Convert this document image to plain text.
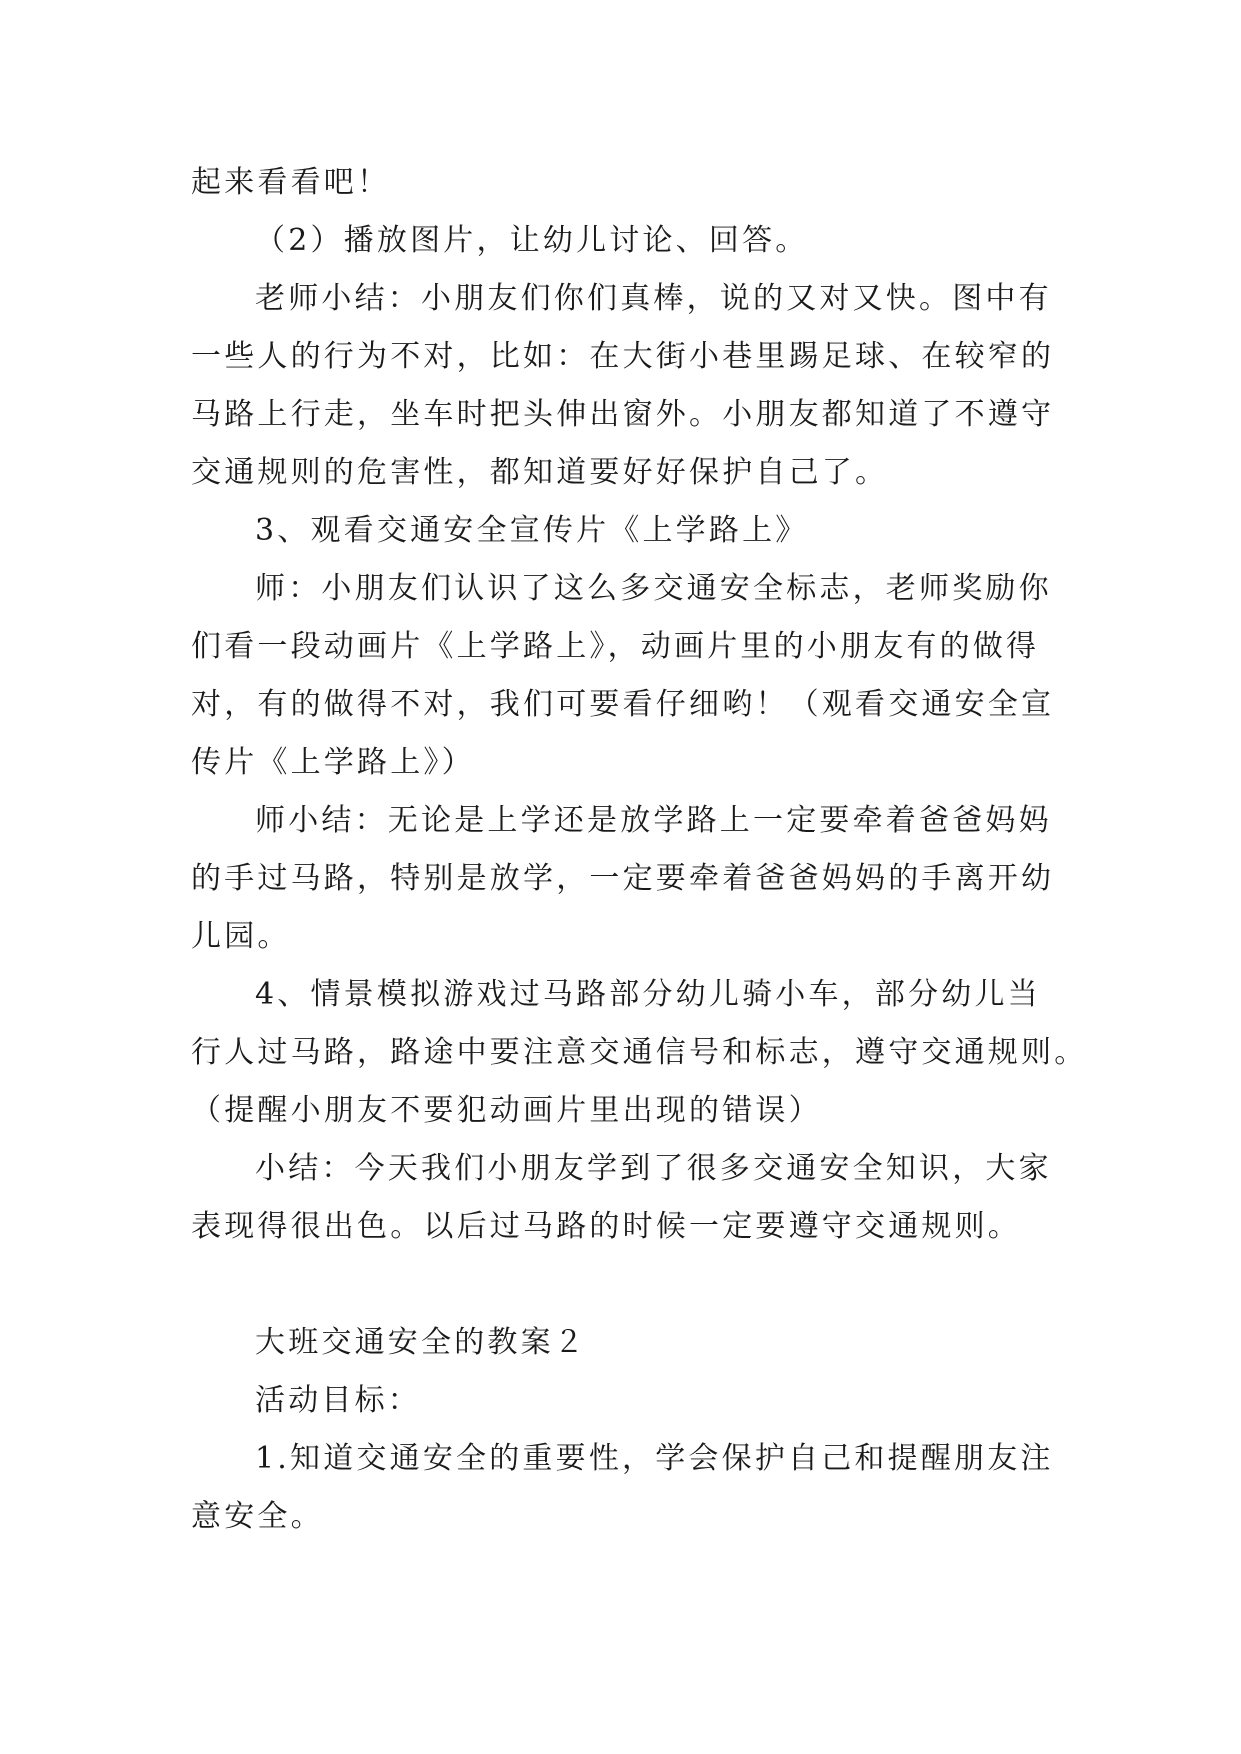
起来看看吧！
（2）播放图片，让幼儿讨论、回答。
老师小结：小朋友们你们真棒，说的又对又快。图中有
一些人的行为不对，比如：在大街小巷里踢足球、在较窄的
马路上行走，坐车时把头伸出窗外。小朋友都知道了不遵守
交通规则的危害性，都知道要好好保护自己了。
3、观看交通安全宣传片《上学路上》
师：小朋友们认识了这么多交通安全标志，老师奖励你
们看一段动画片《上学路上》，动画片里的小朋友有的做得
对，有的做得不对，我们可要看仔细哟！（观看交通安全宣
传片《上学路上》）
师小结：无论是上学还是放学路上一定要牵着爸爸妈妈
的手过马路，特别是放学，一定要牵着爸爸妈妈的手离开幼
儿园。
4、情景模拟游戏过马路部分幼儿骑小车，部分幼儿当
行人过马路，路途中要注意交通信号和标志，遵守交通规则。
（提醒小朋友不要犯动画片里出现的错误）
小结：今天我们小朋友学到了很多交通安全知识，大家
表现得很出色。以后过马路的时候一定要遵守交通规则。
大班交通安全的教案２
活动目标：
1.知道交通安全的重要性，学会保护自己和提醒朋友注
意安全。
